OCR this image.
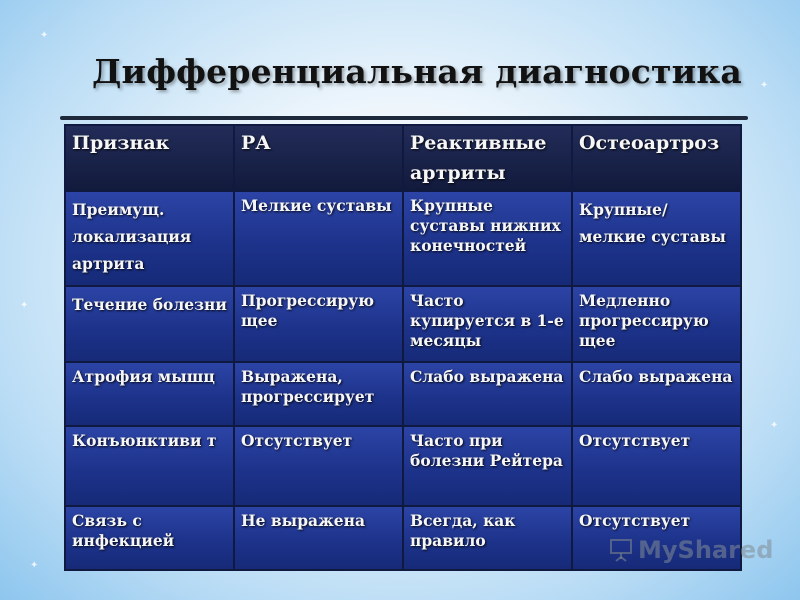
✦
✦
✦
✦
✦
Дифференциальная диагностика
Признак	РА	Реактивные артриты	Остеоартроз

Преимущ. локализация артрита	Мелкие суставы	Крупные суставы нижних конечностей	Крупные/ мелкие суставы

Течение болезни	Прогрессирую щее	Часто купируется в 1-е месяцы	Медленно прогрессирую щее

Атрофия мышц	Выражена, прогрессирует	Слабо выражена	Слабо выражена

Конъюнктиви т	Отсутствует	Часто при болезни Рейтера	Отсутствует

Связь с инфекцией	Не выражена	Всегда, как правило	Отсутствует
MyShared
